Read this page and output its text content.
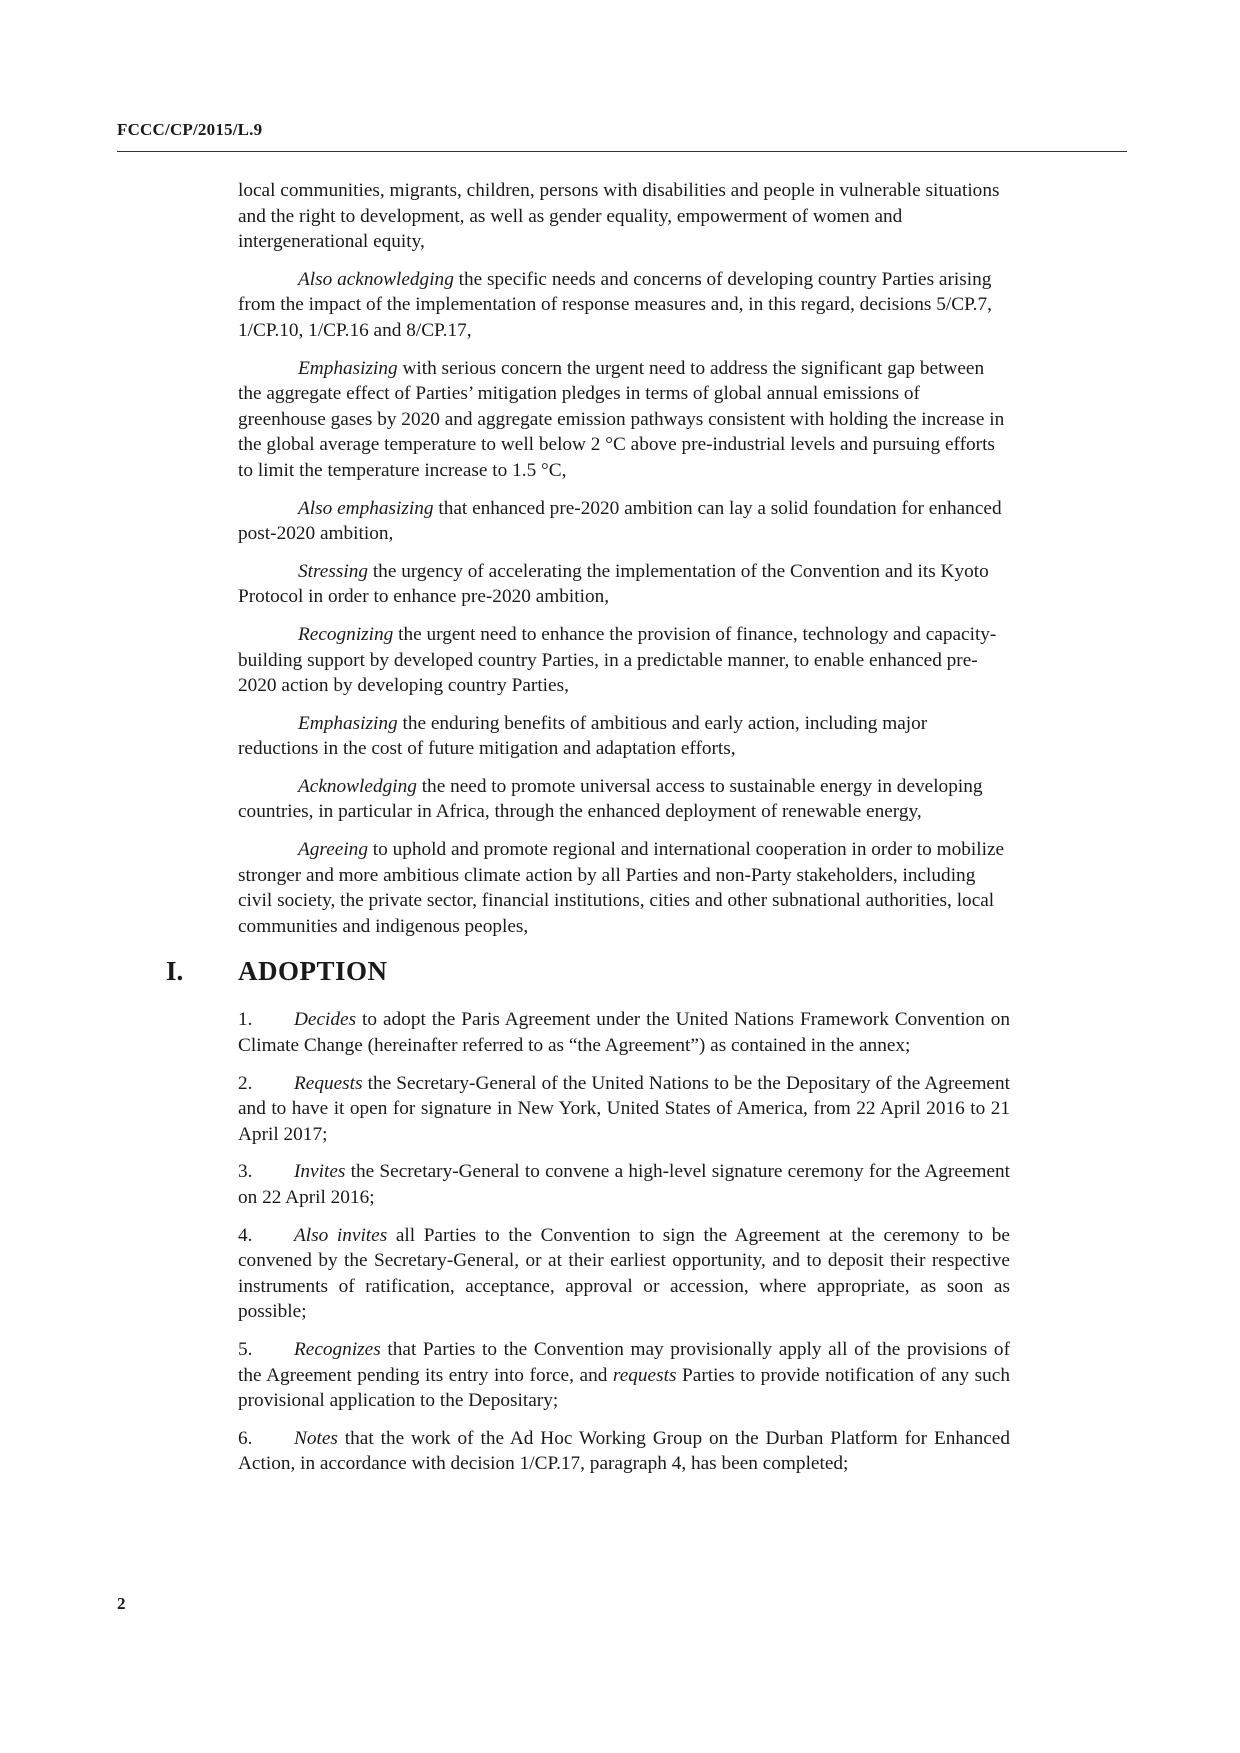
FCCC/CP/2015/L.9

local communities, migrants, children, persons with disabilities and people in vulnerable situations and the right to development, as well as gender equality, empowerment of women and intergenerational equity,

Also acknowledging the specific needs and concerns of developing country Parties arising from the impact of the implementation of response measures and, in this regard, decisions 5/CP.7, 1/CP.10, 1/CP.16 and 8/CP.17,

Emphasizing with serious concern the urgent need to address the significant gap between the aggregate effect of Parties’ mitigation pledges in terms of global annual emissions of greenhouse gases by 2020 and aggregate emission pathways consistent with holding the increase in the global average temperature to well below 2 °C above pre-industrial levels and pursuing efforts to limit the temperature increase to 1.5 °C,

Also emphasizing that enhanced pre-2020 ambition can lay a solid foundation for enhanced post-2020 ambition,

Stressing the urgency of accelerating the implementation of the Convention and its Kyoto Protocol in order to enhance pre-2020 ambition,

Recognizing the urgent need to enhance the provision of finance, technology and capacity-building support by developed country Parties, in a predictable manner, to enable enhanced pre-2020 action by developing country Parties,

Emphasizing the enduring benefits of ambitious and early action, including major reductions in the cost of future mitigation and adaptation efforts,

Acknowledging the need to promote universal access to sustainable energy in developing countries, in particular in Africa, through the enhanced deployment of renewable energy,

Agreeing to uphold and promote regional and international cooperation in order to mobilize stronger and more ambitious climate action by all Parties and non-Party stakeholders, including civil society, the private sector, financial institutions, cities and other subnational authorities, local communities and indigenous peoples,

I. ADOPTION

1. Decides to adopt the Paris Agreement under the United Nations Framework Convention on Climate Change (hereinafter referred to as “the Agreement”) as contained in the annex;

2. Requests the Secretary-General of the United Nations to be the Depositary of the Agreement and to have it open for signature in New York, United States of America, from 22 April 2016 to 21 April 2017;

3. Invites the Secretary-General to convene a high-level signature ceremony for the Agreement on 22 April 2016;

4. Also invites all Parties to the Convention to sign the Agreement at the ceremony to be convened by the Secretary-General, or at their earliest opportunity, and to deposit their respective instruments of ratification, acceptance, approval or accession, where appropriate, as soon as possible;

5. Recognizes that Parties to the Convention may provisionally apply all of the provisions of the Agreement pending its entry into force, and requests Parties to provide notification of any such provisional application to the Depositary;

6. Notes that the work of the Ad Hoc Working Group on the Durban Platform for Enhanced Action, in accordance with decision 1/CP.17, paragraph 4, has been completed;

2
